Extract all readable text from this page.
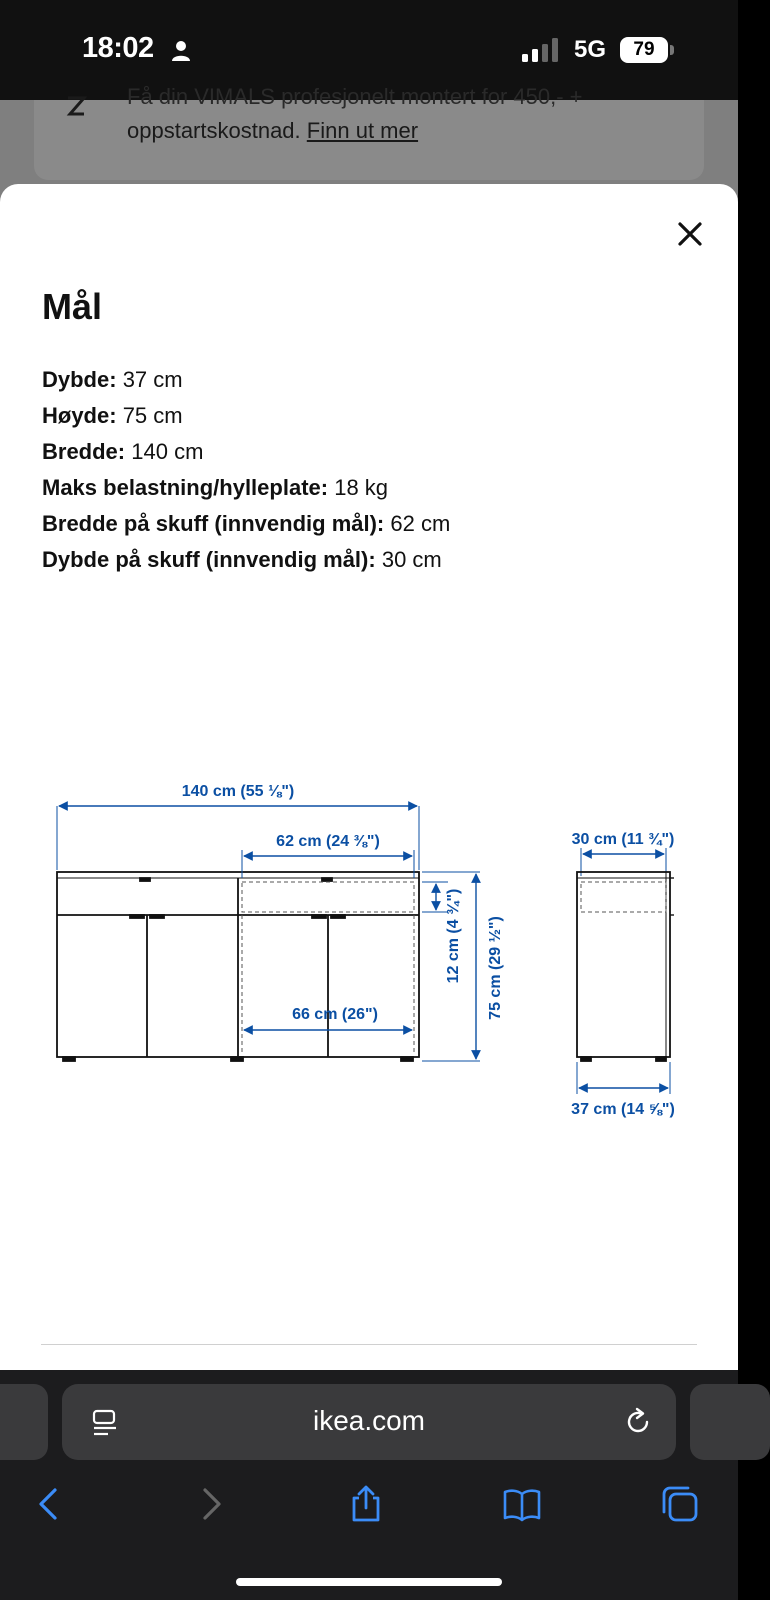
18:02	5G	79
Få din VIMALS profesjonelt montert for 450,- +
oppstartskostnad. Finn ut mer
Mål
Dybde: 37 cm
Høyde: 75 cm
Bredde: 140 cm
Maks belastning/hylleplate: 18 kg
Bredde på skuff (innvendig mål): 62 cm
Dybde på skuff (innvendig mål): 30 cm
140 cm (55 ⅛")
62 cm (24 ⅜")
66 cm (26")
12 cm (4 ¾") 75 cm (29 ½")
30 cm (11 ¾")
37 cm (14 ⅝")
ikea.com
